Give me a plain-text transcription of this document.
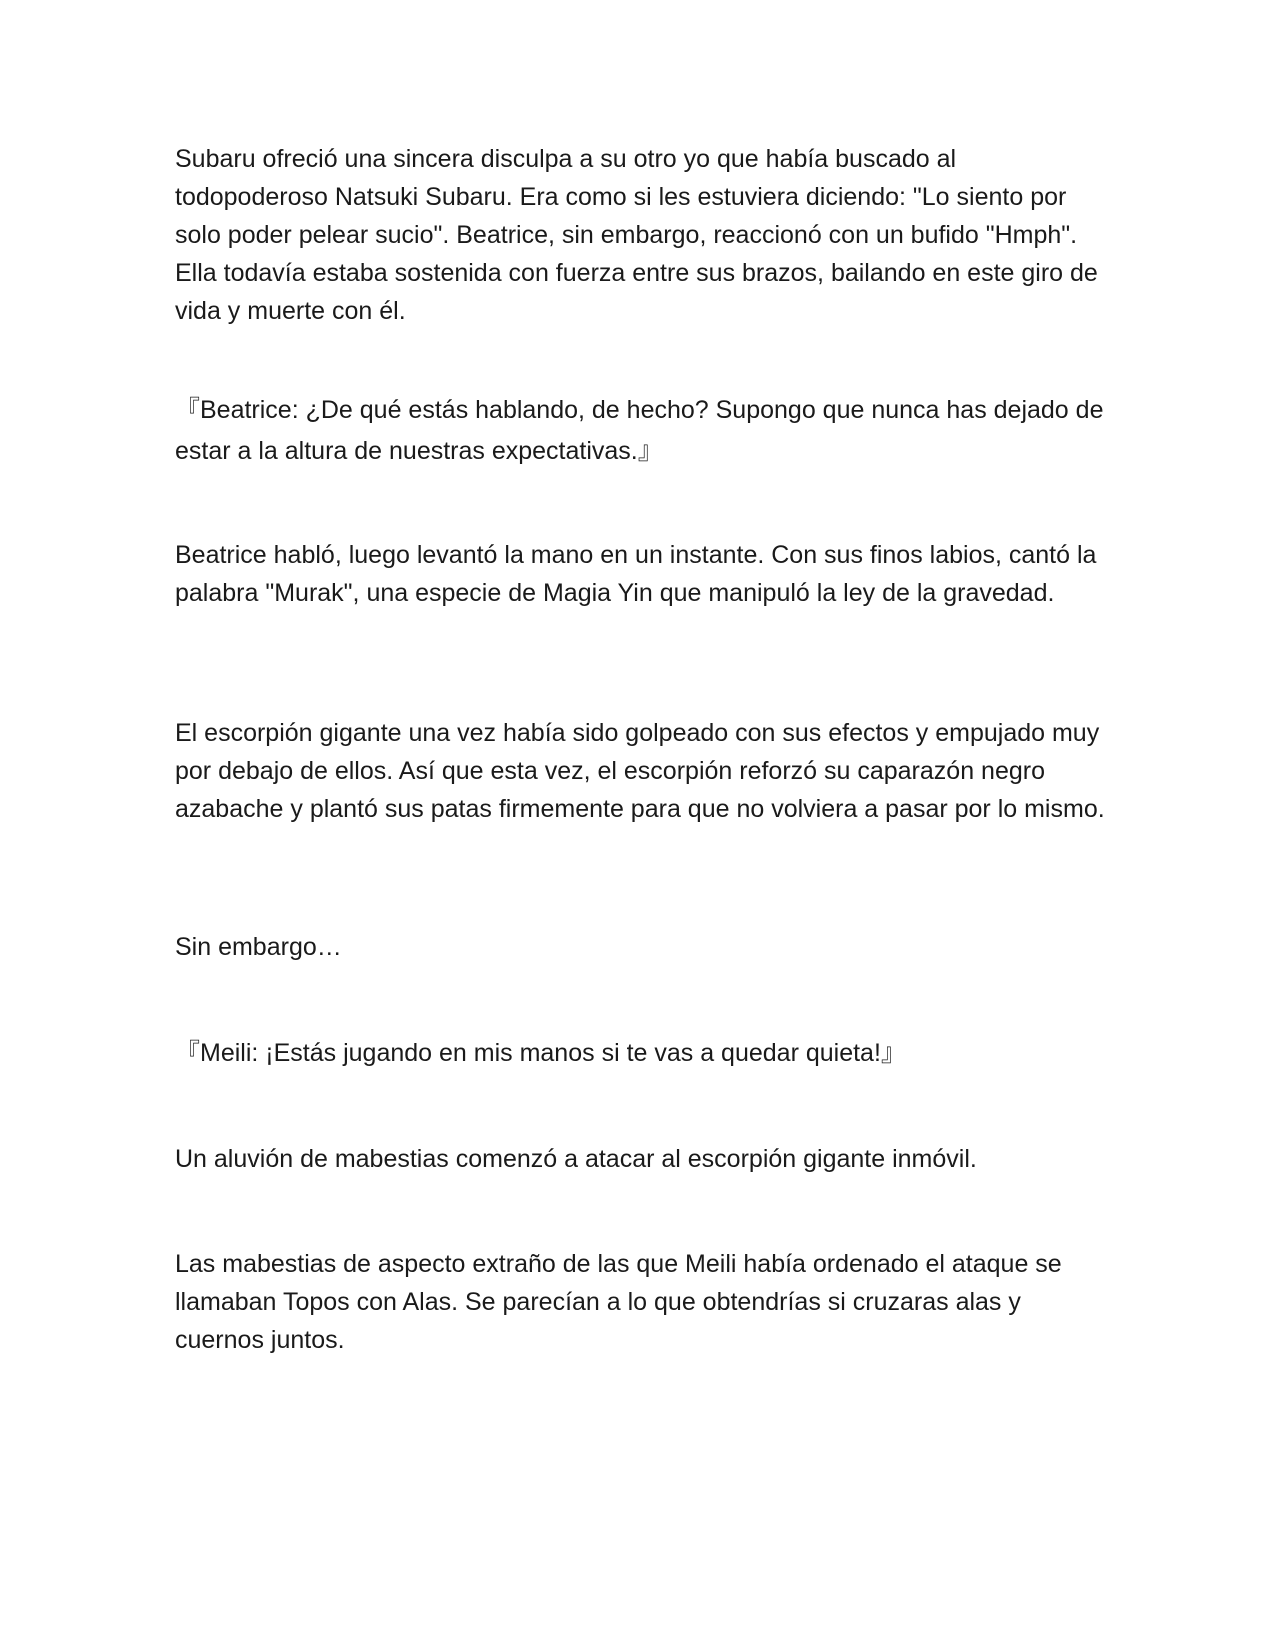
Subaru ofreció una sincera disculpa a su otro yo que había buscado al todopoderoso Natsuki Subaru. Era como si les estuviera diciendo: "Lo siento por solo poder pelear sucio". Beatrice, sin embargo, reaccionó con un bufido "Hmph". Ella todavía estaba sostenida con fuerza entre sus brazos, bailando en este giro de vida y muerte con él.

『Beatrice: ¿De qué estás hablando, de hecho? Supongo que nunca has dejado de estar a la altura de nuestras expectativas.』

Beatrice habló, luego levantó la mano en un instante. Con sus finos labios, cantó la palabra "Murak", una especie de Magia Yin que manipuló la ley de la gravedad.

El escorpión gigante una vez había sido golpeado con sus efectos y empujado muy por debajo de ellos. Así que esta vez, el escorpión reforzó su caparazón negro azabache y plantó sus patas firmemente para que no volviera a pasar por lo mismo.

Sin embargo…

『Meili: ¡Estás jugando en mis manos si te vas a quedar quieta!』

Un aluvión de mabestias comenzó a atacar al escorpión gigante inmóvil.

Las mabestias de aspecto extraño de las que Meili había ordenado el ataque se llamaban Topos con Alas. Se parecían a lo que obtendrías si cruzaras alas y cuernos juntos.
